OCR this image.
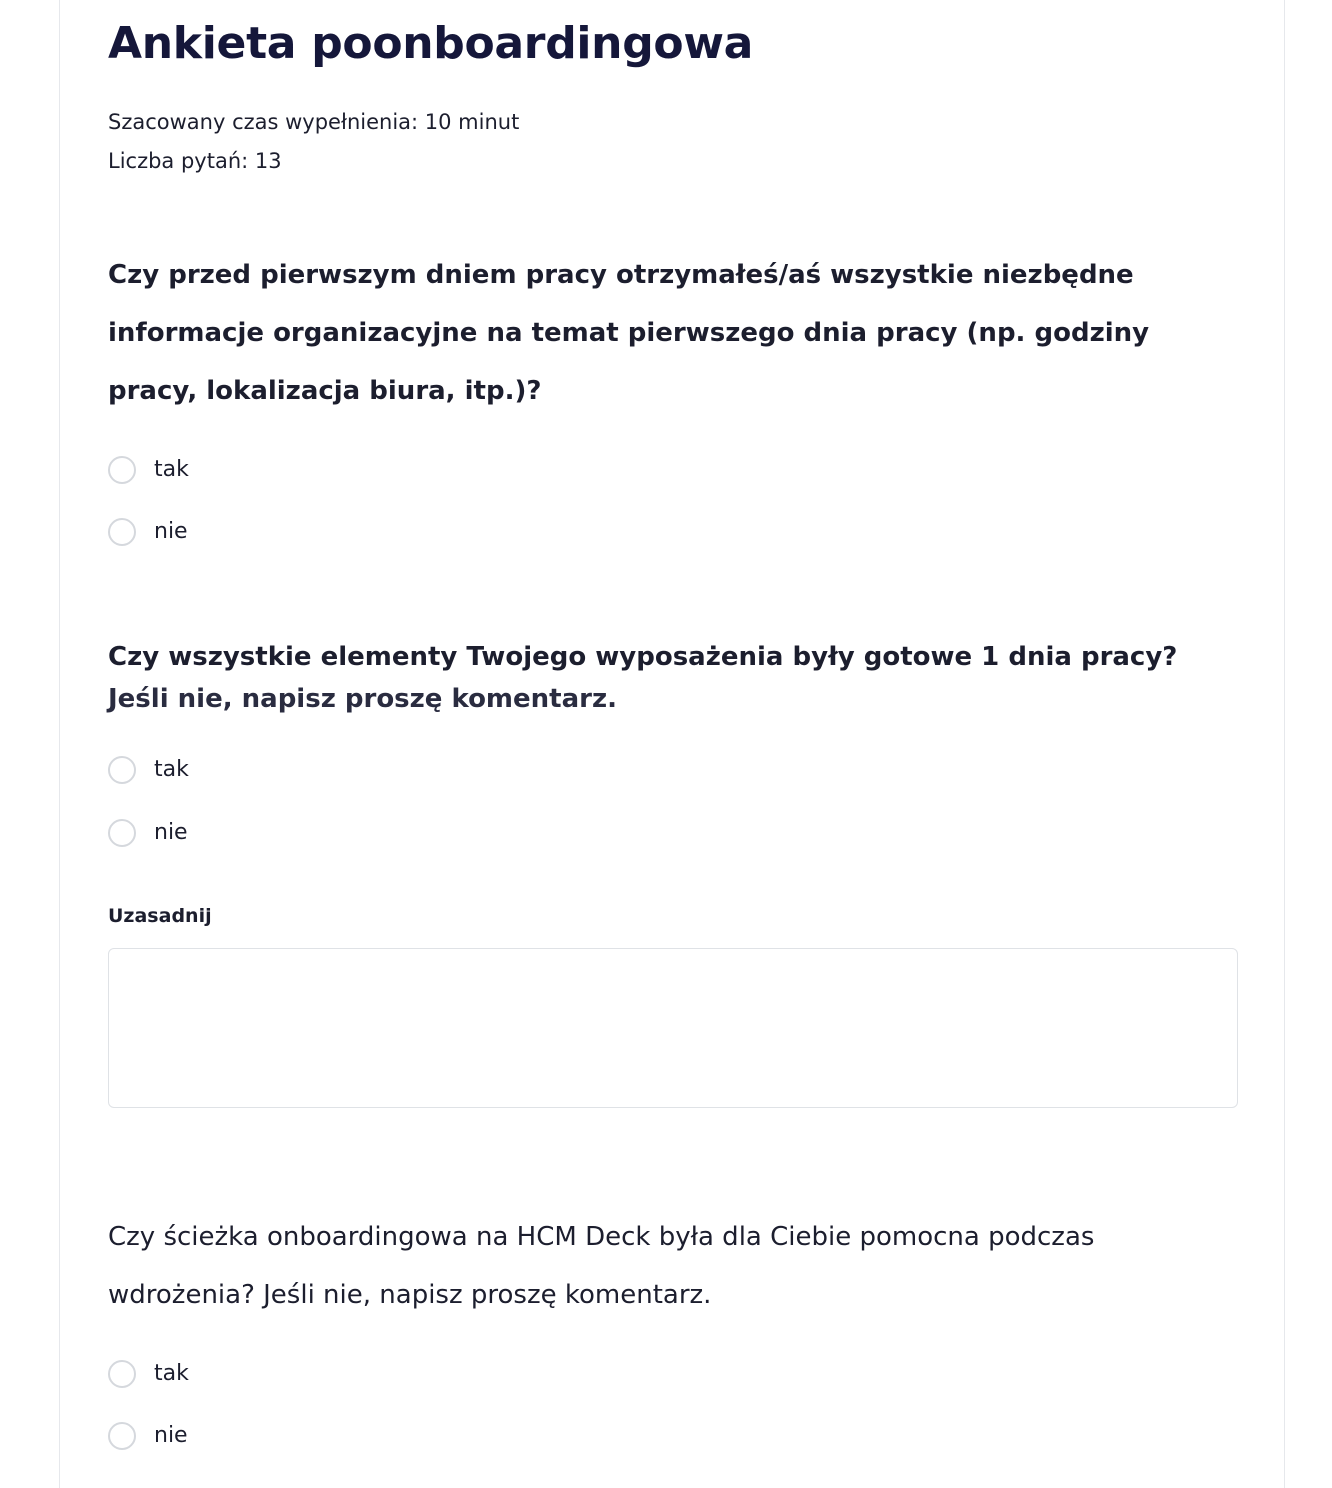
Ankieta poonboardingowa
Szacowany czas wypełnienia: 10 minut
Liczba pytań: 13

Czy przed pierwszym dniem pracy otrzymałeś/aś wszystkie niezbędne informacje organizacyjne na temat pierwszego dnia pracy (np. godziny pracy, lokalizacja biura, itp.)?

tak
nie

Czy wszystkie elementy Twojego wyposażenia były gotowe 1 dnia pracy? Jeśli nie, napisz proszę komentarz.

tak
nie
Uzasadnij

Czy ścieżka onboardingowa na HCM Deck była dla Ciebie pomocna podczas wdrożenia? Jeśli nie, napisz proszę komentarz.

tak
nie
